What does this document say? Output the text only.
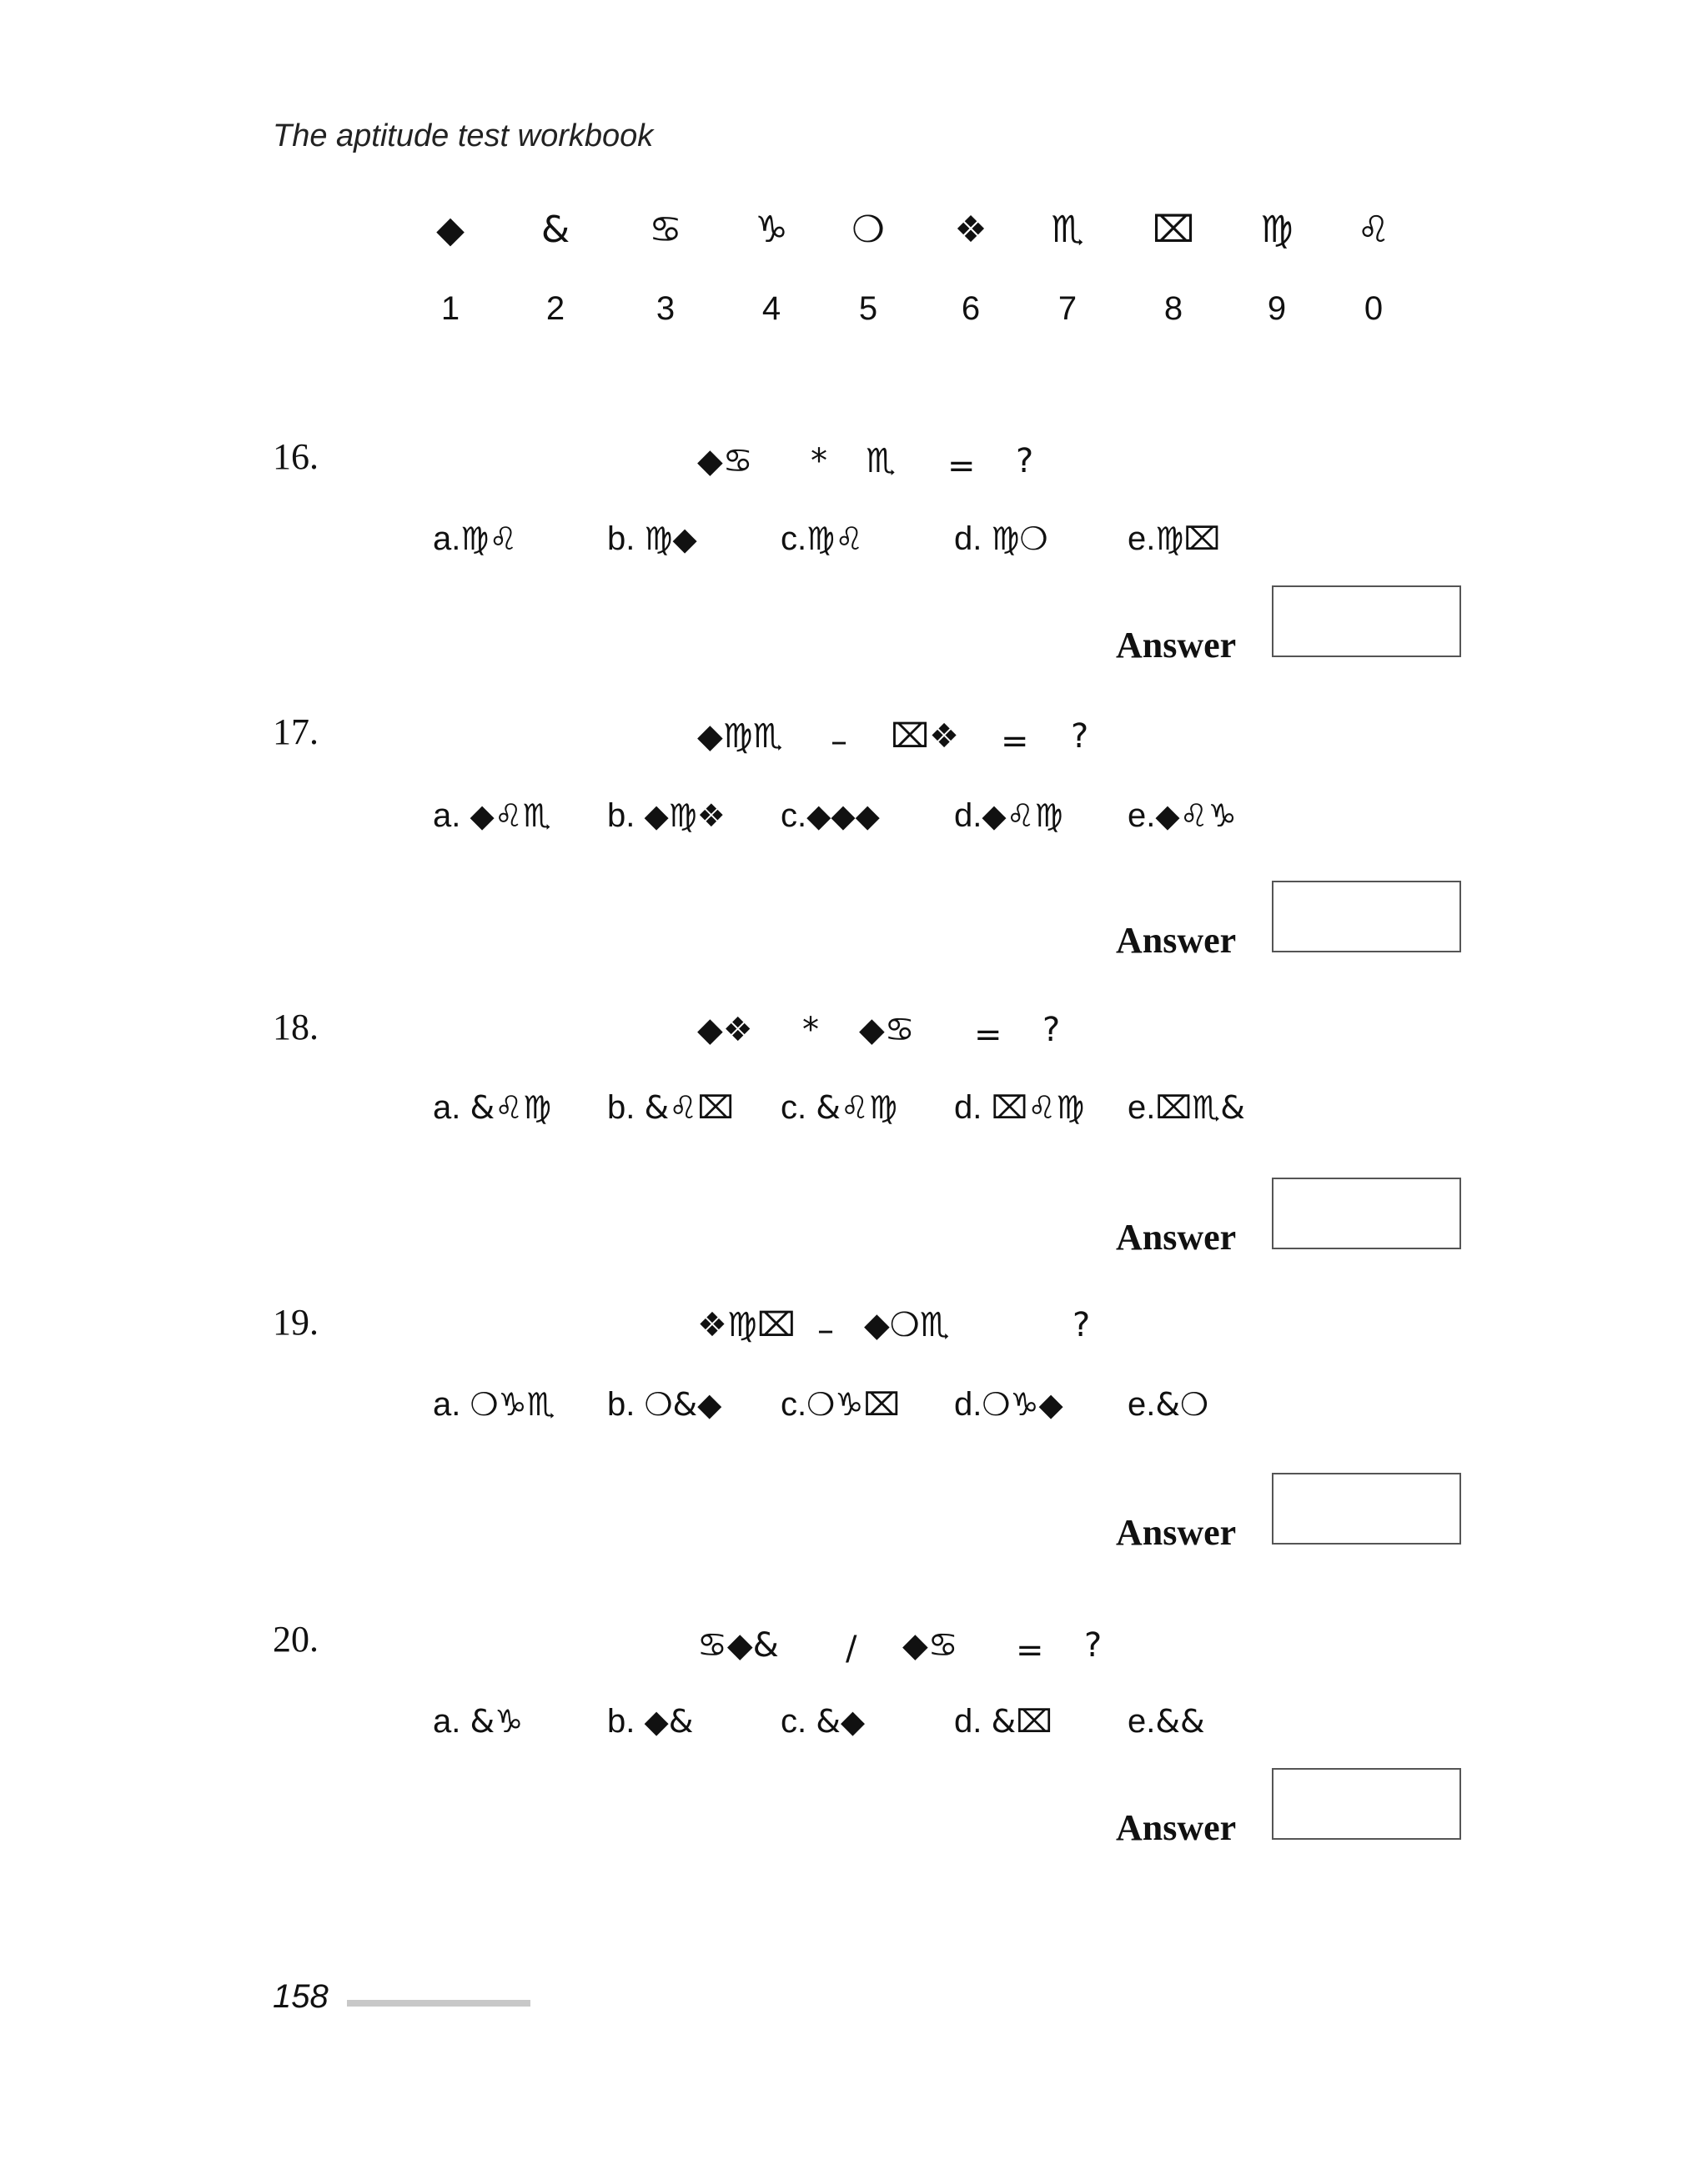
The aptitude test workbook
◆	&	♋	♑	❍	❖	♏	⌧	♍	♌
1	2	3	4	5	6	7	8	9	0
16.	◆♋ * ♏ = ?
a.♍♌	b. ♍◆	c.♍♌	d. ♍❍ e.♍⌧
Answer
17.	◆♍♏ – ⌧❖ = ?
a. ◆♌♏ b. ◆♍❖ c.◆◆◆ d.◆♌♍ e.◆♌♑
Answer
18.	◆❖ * ◆♋ = ?
a. &♌♍ b. &♌⌧ c. &♌♍ d. ⌧♌♍ e.⌧♏&
Answer
19.	❖♍⌧ – ◆❍♏	?
a. ❍♑♏ b. ❍&◆ c.❍♑⌧ d.❍♑◆ e.&❍
Answer
20.	♋◆& / ◆♋ = ?
a. &♑	b. ◆&	c. &◆	d. &⌧ e.&&
Answer
158
